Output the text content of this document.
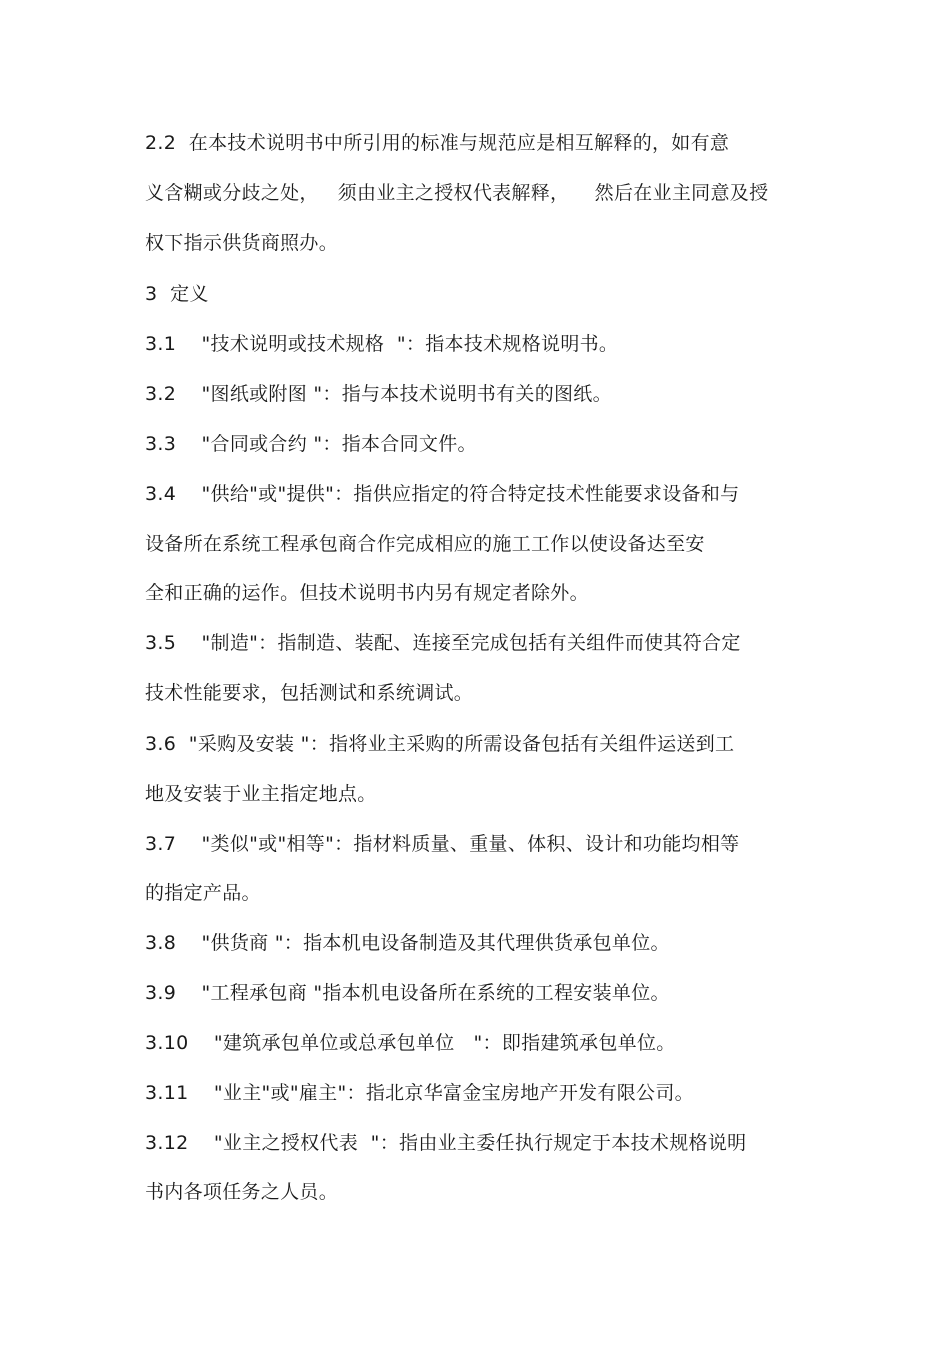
2.2  在本技术说明书中所引用的标准与规范应是相互解释的，如有意
义含糊或分歧之处，   须由业主之授权代表解释，    然后在业主同意及授
权下指示供货商照办。
3  定义
3.1    "技术说明或技术规格  "：指本技术规格说明书。
3.2    "图纸或附图 "：指与本技术说明书有关的图纸。
3.3    "合同或合约 "：指本合同文件。
3.4    "供给"或"提供"：指供应指定的符合特定技术性能要求设备和与
设备所在系统工程承包商合作完成相应的施工工作以使设备达至安
全和正确的运作。但技术说明书内另有规定者除外。
3.5    "制造"：指制造、装配、连接至完成包括有关组件而使其符合定
技术性能要求，包括测试和系统调试。
3.6  "采购及安装 "：指将业主采购的所需设备包括有关组件运送到工
地及安装于业主指定地点。
3.7    "类似"或"相等"：指材料质量、重量、体积、设计和功能均相等
的指定产品。
3.8    "供货商 "：指本机电设备制造及其代理供货承包单位。
3.9    "工程承包商 "指本机电设备所在系统的工程安装单位。
3.10    "建筑承包单位或总承包单位   "：即指建筑承包单位。
3.11    "业主"或"雇主"：指北京华富金宝房地产开发有限公司。
3.12    "业主之授权代表  "：指由业主委任执行规定于本技术规格说明
书内各项任务之人员。
